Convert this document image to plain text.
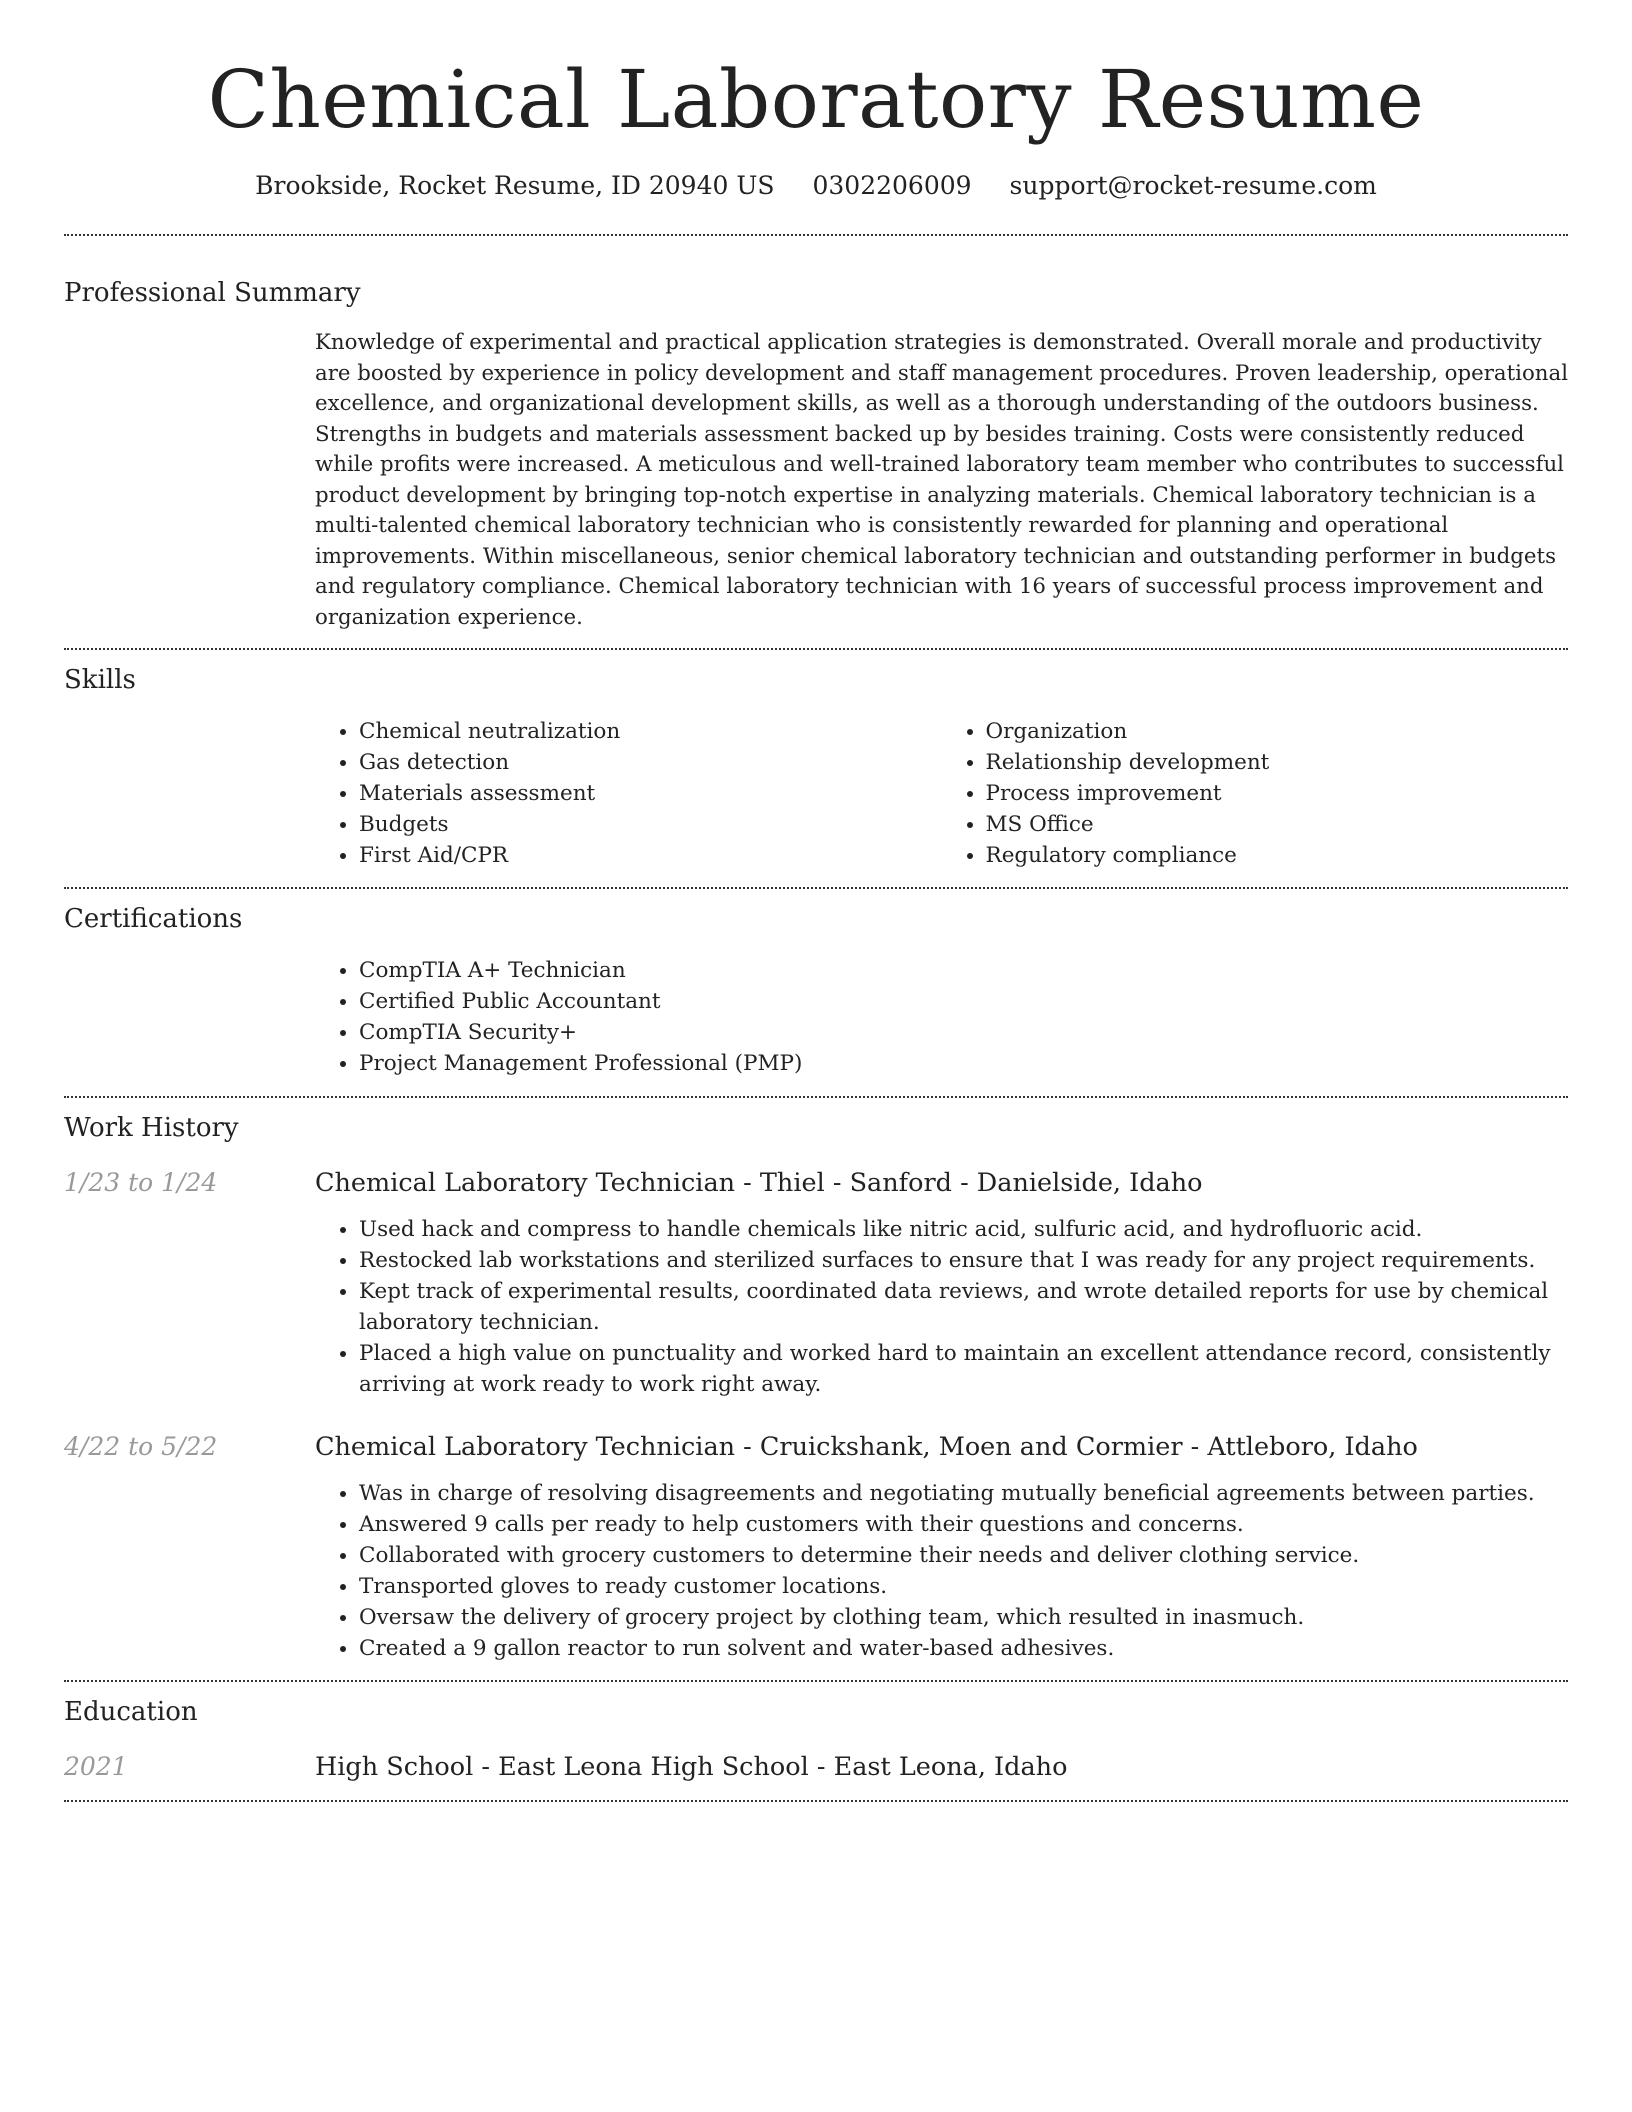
Chemical Laboratory Resume
Brookside, Rocket Resume, ID 20940 US 0302206009 support@rocket-resume.com
Professional Summary
Knowledge of experimental and practical application strategies is demonstrated. Overall morale and productivity are boosted by experience in policy development and staff management procedures. Proven leadership, operational excellence, and organizational development skills, as well as a thorough understanding of the outdoors business. Strengths in budgets and materials assessment backed up by besides training. Costs were consistently reduced while profits were increased. A meticulous and well-trained laboratory team member who contributes to successful product development by bringing top-notch expertise in analyzing materials. Chemical laboratory technician is a multi-talented chemical laboratory technician who is consistently rewarded for planning and operational improvements. Within miscellaneous, senior chemical laboratory technician and outstanding performer in budgets and regulatory compliance. Chemical laboratory technician with 16 years of successful process improvement and organization experience.
Skills
• Chemical neutralization
• Gas detection
• Materials assessment
• Budgets
• First Aid/CPR
• Organization
• Relationship development
• Process improvement
• MS Office
• Regulatory compliance
Certifications
• CompTIA A+ Technician
• Certified Public Accountant
• CompTIA Security+
• Project Management Professional (PMP)
Work History
1/23 to 1/24	Chemical Laboratory Technician - Thiel - Sanford - Danielside, Idaho
• Used hack and compress to handle chemicals like nitric acid, sulfuric acid, and hydrofluoric acid.
• Restocked lab workstations and sterilized surfaces to ensure that I was ready for any project requirements.
• Kept track of experimental results, coordinated data reviews, and wrote detailed reports for use by chemical laboratory technician.
• Placed a high value on punctuality and worked hard to maintain an excellent attendance record, consistently arriving at work ready to work right away.
4/22 to 5/22	Chemical Laboratory Technician - Cruickshank, Moen and Cormier - Attleboro, Idaho
• Was in charge of resolving disagreements and negotiating mutually beneficial agreements between parties.
• Answered 9 calls per ready to help customers with their questions and concerns.
• Collaborated with grocery customers to determine their needs and deliver clothing service.
• Transported gloves to ready customer locations.
• Oversaw the delivery of grocery project by clothing team, which resulted in inasmuch.
• Created a 9 gallon reactor to run solvent and water-based adhesives.
Education
2021	High School - East Leona High School - East Leona, Idaho
